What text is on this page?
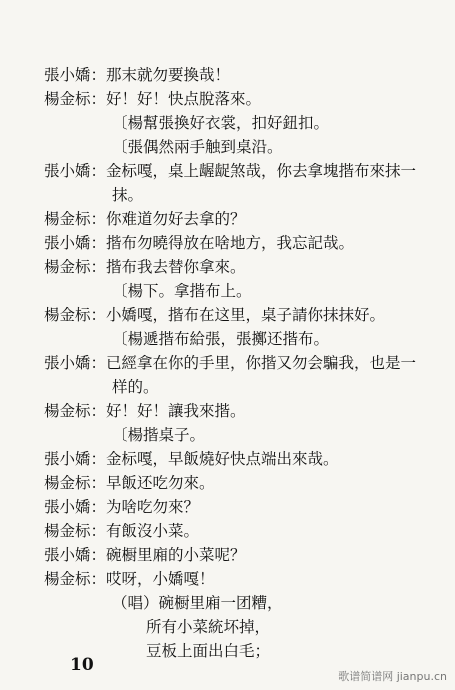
張小嬌： 那末就勿要換哉！
楊金标： 好！好！快点脫落來。
〔楊幫張換好衣裳，扣好鈕扣。
〔張偶然兩手触到桌沿。
張小嬌： 金标嘎，桌上龌龊煞哉，你去拿塊揩布來抹一
抹。
楊金标： 你难道勿好去拿的？
張小嬌： 揩布勿曉得放在啥地方，我忘記哉。
楊金标： 揩布我去替你拿來。
〔楊下。拿揩布上。
楊金标： 小嬌嘎，揩布在这里，桌子請你抹抹好。
〔楊遞揩布給張，張擲还揩布。
張小嬌： 已經拿在你的手里，你揩又勿会騙我，也是一
样的。
楊金标： 好！好！讓我來揩。
〔楊揩桌子。
張小嬌： 金标嘎，早飯燒好快点端出來哉。
楊金标： 早飯还吃勿來。
張小嬌： 为啥吃勿來？
楊金标： 有飯沒小菜。
張小嬌： 碗橱里廂的小菜呢？
楊金标： 哎呀，小嬌嘎！
（唱）碗橱里廂一团糟，
所有小菜統坏掉，
豆板上面出白毛；
10
歌谱简谱网 jianpu.cn
